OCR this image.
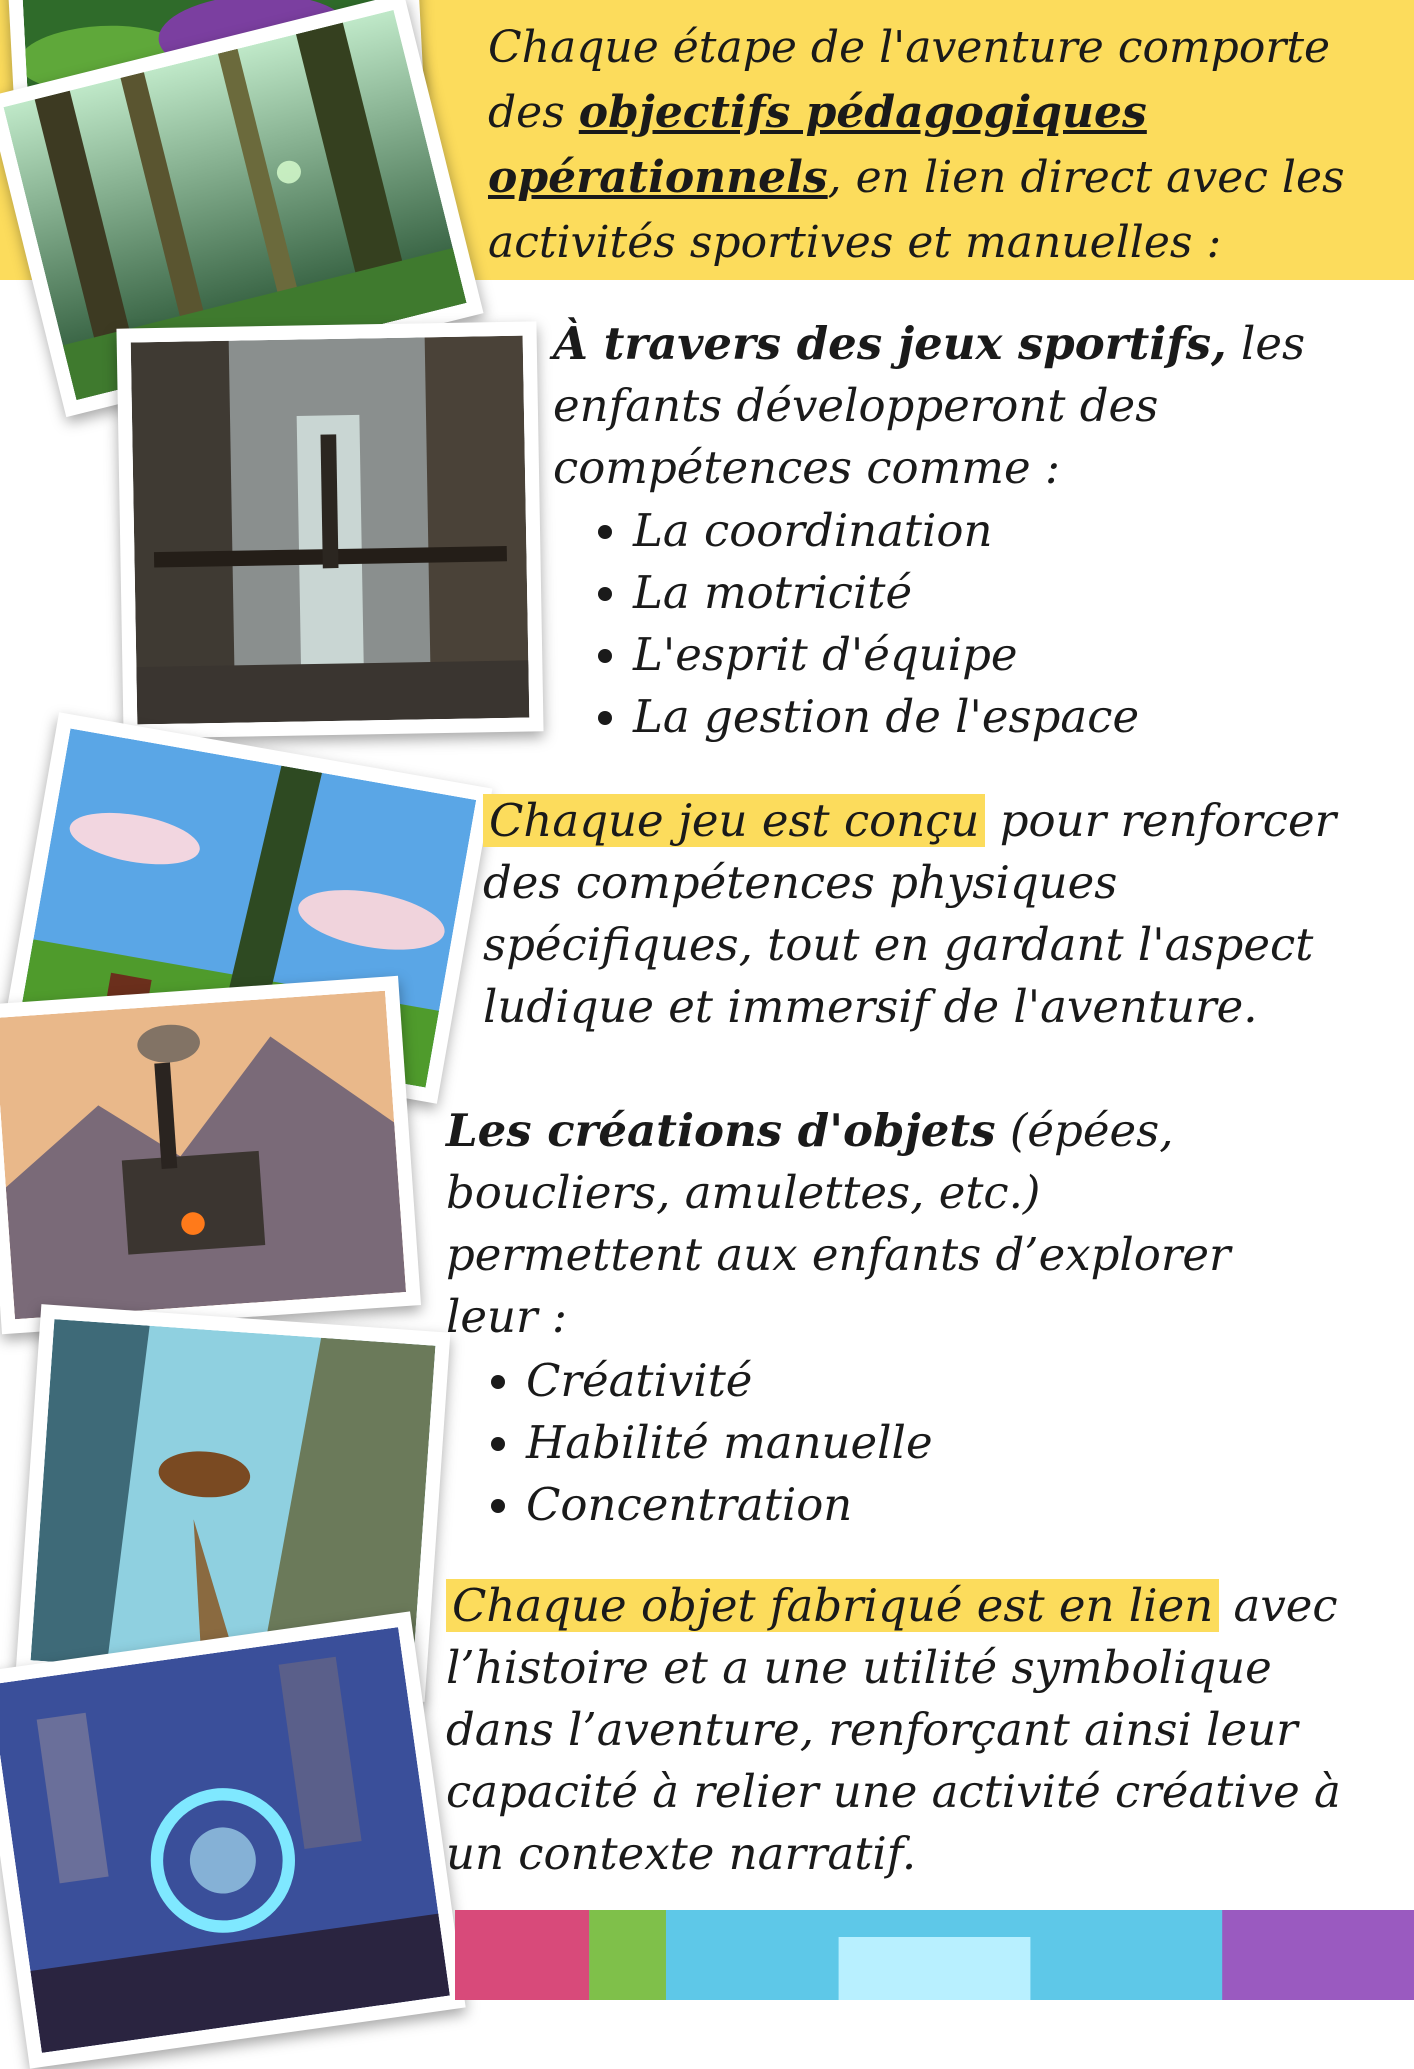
Chaque étape de l'aventure comporte des objectifs pédagogiques opérationnels, en lien direct avec les activités sportives et manuelles :
À travers des jeux sportifs, les enfants développeront des compétences comme :
• La coordination
• La motricité
• L'esprit d'équipe
• La gestion de l'espace
Chaque jeu est conçu pour renforcer des compétences physiques spécifiques, tout en gardant l'aspect ludique et immersif de l'aventure.
Les créations d'objets (épées, boucliers, amulettes, etc.) permettent aux enfants d’explorer leur :
• Créativité
• Habilité manuelle
• Concentration
Chaque objet fabriqué est en lien avec l’histoire et a une utilité symbolique dans l’aventure, renforçant ainsi leur capacité à relier une activité créative à un contexte narratif.
